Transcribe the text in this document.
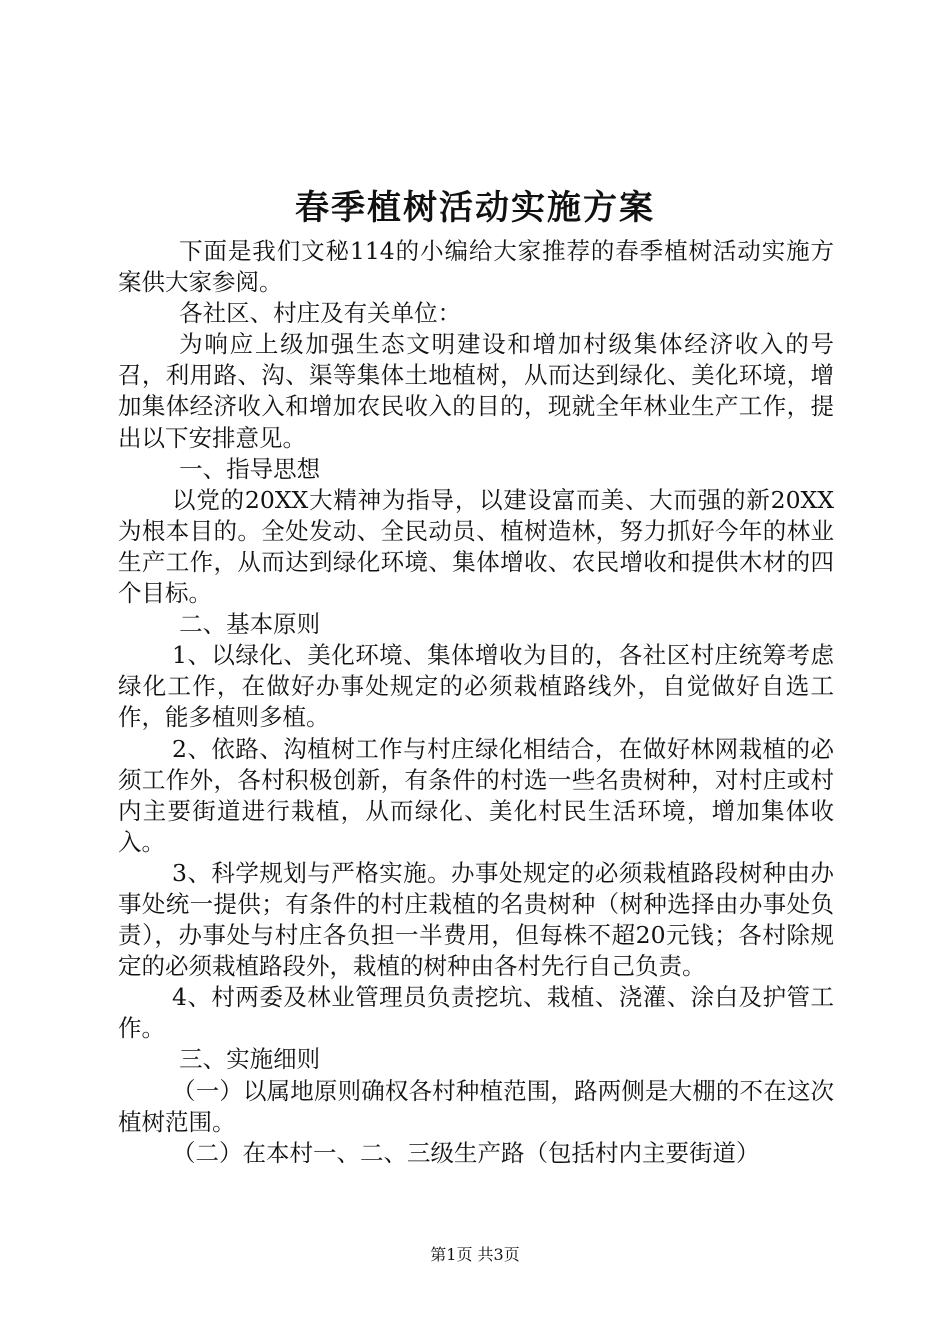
春季植树活动实施方案

下面是我们文秘114的小编给大家推荐的春季植树活动实施方案供大家参阅。

各社区、村庄及有关单位：

为响应上级加强生态文明建设和增加村级集体经济收入的号召，利用路、沟、渠等集体土地植树，从而达到绿化、美化环境，增加集体经济收入和增加农民收入的目的，现就全年林业生产工作，提出以下安排意见。

一、指导思想

以党的20XX大精神为指导，以建设富而美、大而强的新20XX为根本目的。全处发动、全民动员、植树造林，努力抓好今年的林业生产工作，从而达到绿化环境、集体增收、农民增收和提供木材的四个目标。

二、基本原则

1、以绿化、美化环境、集体增收为目的，各社区村庄统筹考虑绿化工作，在做好办事处规定的必须栽植路线外，自觉做好自选工作，能多植则多植。

2、依路、沟植树工作与村庄绿化相结合，在做好林网栽植的必须工作外，各村积极创新，有条件的村选一些名贵树种，对村庄或村内主要街道进行栽植，从而绿化、美化村民生活环境，增加集体收入。

3、科学规划与严格实施。办事处规定的必须栽植路段树种由办事处统一提供；有条件的村庄栽植的名贵树种（树种选择由办事处负责），办事处与村庄各负担一半费用，但每株不超20元钱；各村除规定的必须栽植路段外，栽植的树种由各村先行自己负责。

4、村两委及林业管理员负责挖坑、栽植、浇灌、涂白及护管工作。

三、实施细则

（一）以属地原则确权各村种植范围，路两侧是大棚的不在这次植树范围。

（二）在本村一、二、三级生产路（包括村内主要街道）

第1页 共3页
